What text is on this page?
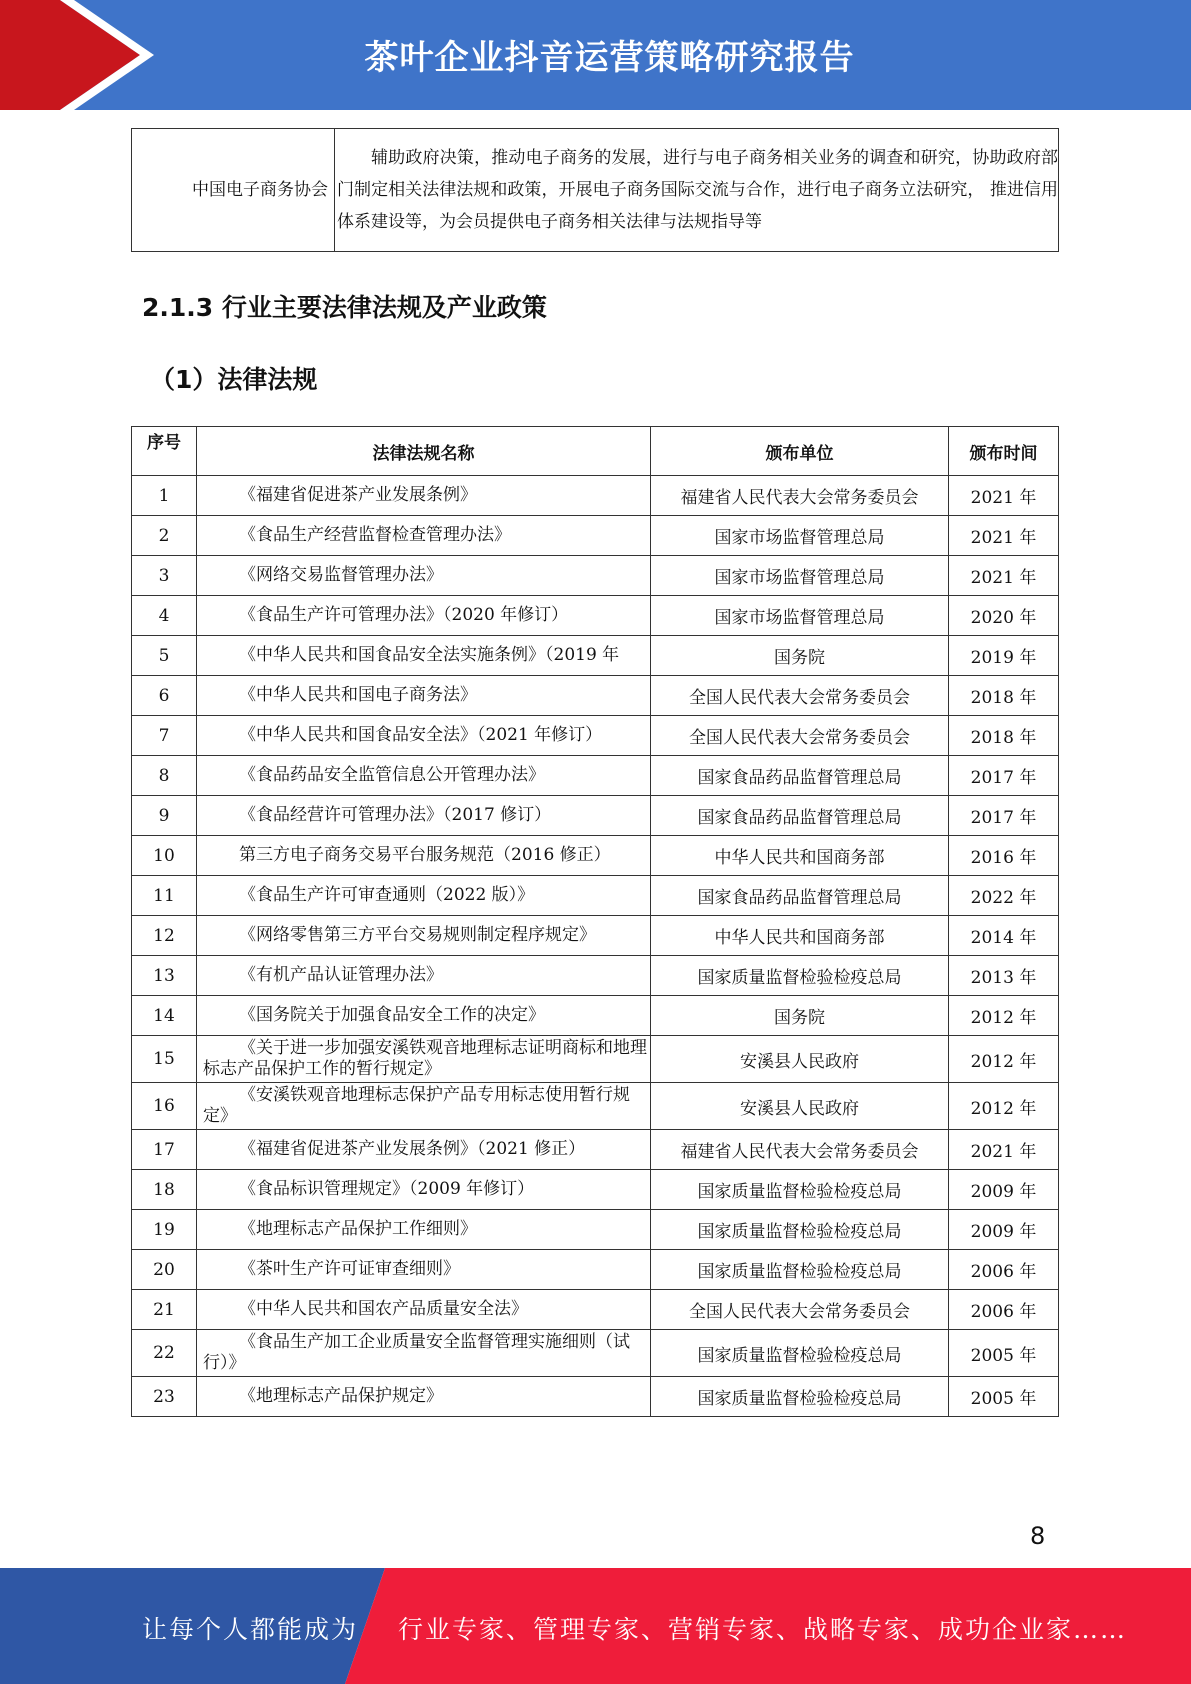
茶叶企业抖音运营策略研究报告
中国电子商务协会	辅助政府决策，推动电子商务的发展，进行与电子商务相关业务的调查和研究，协助政府部门制定相关法律法规和政策，开展电子商务国际交流与合作，进行电子商务立法研究， 推进信用体系建设等，为会员提供电子商务相关法律与法规指导等
2.1.3 行业主要法律法规及产业政策
（1）法律法规
序号	法律法规名称	颁布单位	颁布时间
1	《福建省促进茶产业发展条例》	福建省人民代表大会常务委员会	2021 年
2	《食品生产经营监督检查管理办法》	国家市场监督管理总局	2021 年
3	《网络交易监督管理办法》	国家市场监督管理总局	2021 年
4	《食品生产许可管理办法》（2020 年修订）	国家市场监督管理总局	2020 年
5	《中华人民共和国食品安全法实施条例》（2019 年	国务院	2019 年
6	《中华人民共和国电子商务法》	全国人民代表大会常务委员会	2018 年
7	《中华人民共和国食品安全法》（2021 年修订）	全国人民代表大会常务委员会	2018 年
8	《食品药品安全监管信息公开管理办法》	国家食品药品监督管理总局	2017 年
9	《食品经营许可管理办法》（2017 修订）	国家食品药品监督管理总局	2017 年
10	第三方电子商务交易平台服务规范（2016 修正）	中华人民共和国商务部	2016 年
11	《食品生产许可审查通则（2022 版）》	国家食品药品监督管理总局	2022 年
12	《网络零售第三方平台交易规则制定程序规定》	中华人民共和国商务部	2014 年
13	《有机产品认证管理办法》	国家质量监督检验检疫总局	2013 年
14	《国务院关于加强食品安全工作的决定》	国务院	2012 年
15	《关于进一步加强安溪铁观音地理标志证明商标和地理 标志产品保护工作的暂行规定》	安溪县人民政府	2012 年
16	《安溪铁观音地理标志保护产品专用标志使用暂行规定》	安溪县人民政府	2012 年
17	《福建省促进茶产业发展条例》（2021 修正）	福建省人民代表大会常务委员会	2021 年
18	《食品标识管理规定》（2009 年修订）	国家质量监督检验检疫总局	2009 年
19	《地理标志产品保护工作细则》	国家质量监督检验检疫总局	2009 年
20	《茶叶生产许可证审查细则》	国家质量监督检验检疫总局	2006 年
21	《中华人民共和国农产品质量安全法》	全国人民代表大会常务委员会	2006 年
22	《食品生产加工企业质量安全监督管理实施细则（试行）》	国家质量监督检验检疫总局	2005 年
23	《地理标志产品保护规定》	国家质量监督检验检疫总局	2005 年
8
让每个人都能成为 行业专家、管理专家、营销专家、战略专家、成功企业家……
